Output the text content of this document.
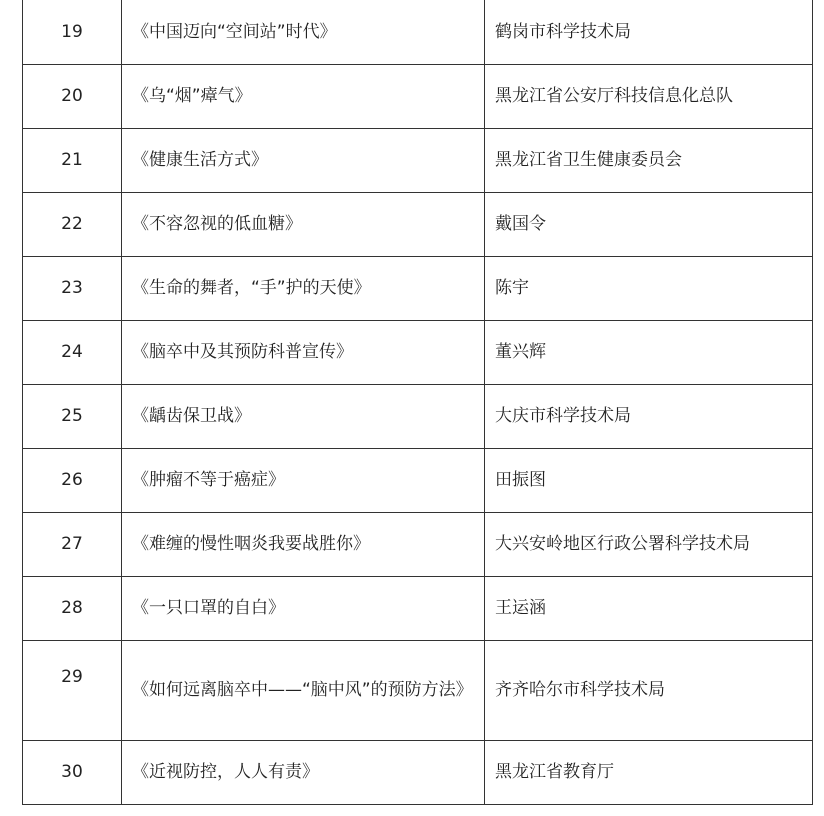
19	《中国迈向“空间站”时代》	鹤岗市科学技术局
20	《乌“烟”瘴气》	黑龙江省公安厅科技信息化总队
21	《健康生活方式》	黑龙江省卫生健康委员会
22	《不容忽视的低血糖》	戴国令
23	《生命的舞者，“手”护的天使》	陈宇
24	《脑卒中及其预防科普宣传》	董兴辉
25	《龋齿保卫战》	大庆市科学技术局
26	《肿瘤不等于癌症》	田振图
27	《难缠的慢性咽炎我要战胜你》	大兴安岭地区行政公署科学技术局
28	《一只口罩的自白》	王运涵
29	《如何远离脑卒中——“脑中风”的预防方法》	齐齐哈尔市科学技术局
30	《近视防控，人人有责》	黑龙江省教育厅
